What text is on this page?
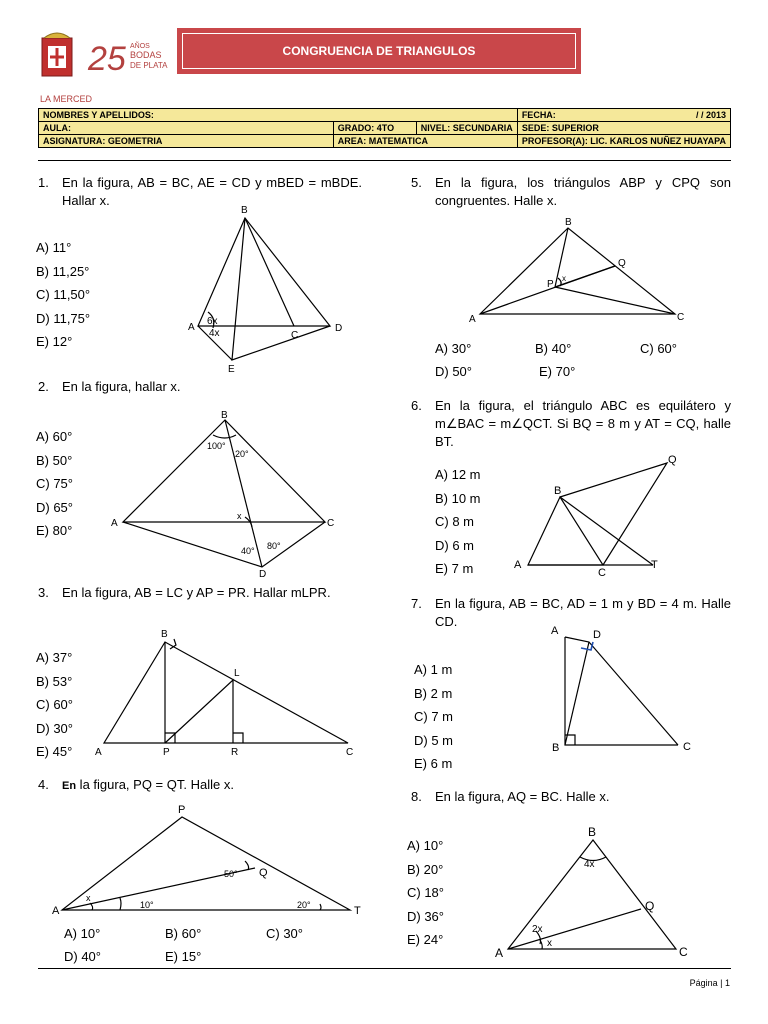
25 AÑOS
BODAS
DE PLATA
LA MERCED
CONGRUENCIA DE TRIANGULOS
NOMBRES Y APELLIDOS:			FECHA:	/ / 2013
AULA:	GRADO: 4TO	NIVEL: SECUNDARIA	SEDE: SUPERIOR	
ASIGNATURA: GEOMETRIA	AREA: MATEMATICA		PROFESOR(A): LIC. KARLOS NUÑEZ HUAYAPA	
1. En la figura, AB = BC, AE = CD y mBED = mBDE. Hallar x.
A) 11°
B) 11,25°
C) 11,50°
D) 11,75°
E) 12°
B
A
C
D
E
6x
4x
2. En la figura, hallar x.
A) 60°
B) 50°
C) 75°
D) 65°
E) 80°
B
A	C
D
100°
20°
x
40° 80°
3. En la figura, AB = LC y AP = PR. Hallar mLPR.
A) 37°
B) 53°
C) 60°
D) 30°
E) 45°
B
L
A	P	R	C
4. En la figura, PQ = QT. Halle x.
P
Q
A	T
x
10°
50°
20°
A) 10°	B) 60°	C) 30°
D) 40°	E) 15°
5. En la figura, los triángulos ABP y CPQ son congruentes. Halle x.
B
Q
P
A	C
x
A) 30°	B) 40°	C) 60°
D) 50°	E) 70°
6. En la figura, el triángulo ABC es equilátero y m∠BAC = m∠QCT. Si BQ = 8 m y AT = CQ, halle BT.
A) 12 m
B) 10 m
C) 8 m
D) 6 m
E) 7 m
Q
B
A
C
T
7. En la figura, AB = BC, AD = 1 m y BD = 4 m. Halle CD.
A) 1 m
B) 2 m
C) 7 m
D) 5 m
E) 6 m
A	D
B	C
8. En la figura, AQ = BC. Halle x.
A) 10°
B) 20°
C) 18°
D) 36°
E) 24°
B
Q
A	C
4x
2x
x
Página | 1
